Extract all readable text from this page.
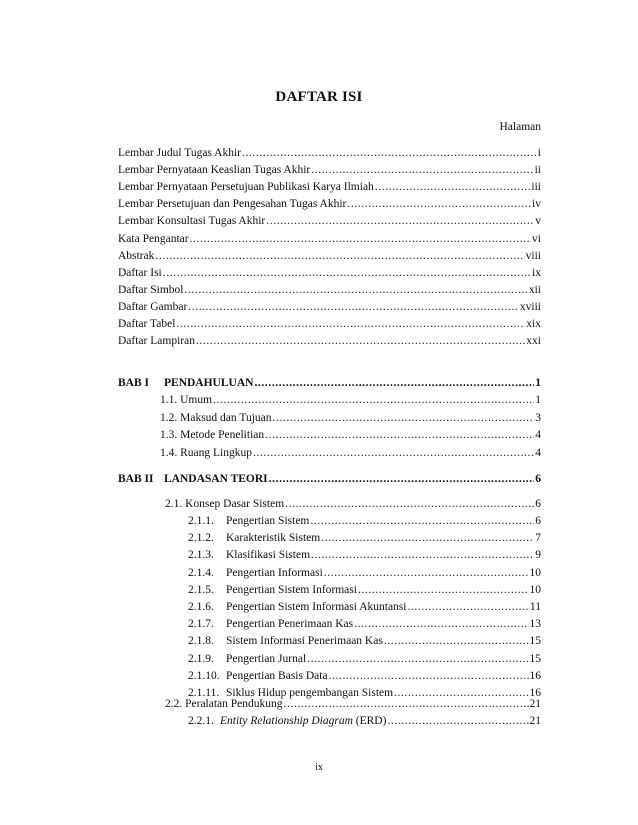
DAFTAR ISI
Halaman
Lembar Judul Tugas Akhir .....	i
Lembar Pernyataan Keaslian Tugas Akhir .....	ii
Lembar Pernyataan Persetujuan Publikasi Karya Ilmiah .....	iii
Lembar Persetujuan dan Pengesahan Tugas Akhir .....	iv
Lembar Konsultasi Tugas Akhir .....	v
Kata Pengantar .....	vi
Abstrak .....	viii
Daftar Isi .....	ix
Daftar Simbol .....	xii
Daftar Gambar .....	xviii
Daftar Tabel .....	xix
Daftar Lampiran .....	xxi
BAB I PENDAHULUAN .....	1
1.1. Umum .....	1
1.2. Maksud dan Tujuan .....	3
1.3. Metode Penelitian .....	4
1.4. Ruang Lingkup .....	4
BAB II LANDASAN TEORI .....	6
2.1. Konsep Dasar Sistem .....	6
2.1.1. Pengertian Sistem .....	6
2.1.2. Karakteristik Sistem .....	7
2.1.3. Klasifikasi Sistem .....	9
2.1.4. Pengertian Informasi .....	10
2.1.5. Pengertian Sistem Informasi .....	10
2.1.6. Pengertian Sistem Informasi Akuntansi .....	11
2.1.7. Pengertian Penerimaan Kas .....	13
2.1.8. Sistem Informasi Penerimaan Kas .....	15
2.1.9. Pengertian Jurnal .....	15
2.1.10. Pengertian Basis Data .....	16
2.1.11. Siklus Hidup pengembangan Sistem .....	16
2.2. Peralatan Pendukung .....	21
2.2.1. Entity Relationship Diagram (ERD) .....	21
ix
